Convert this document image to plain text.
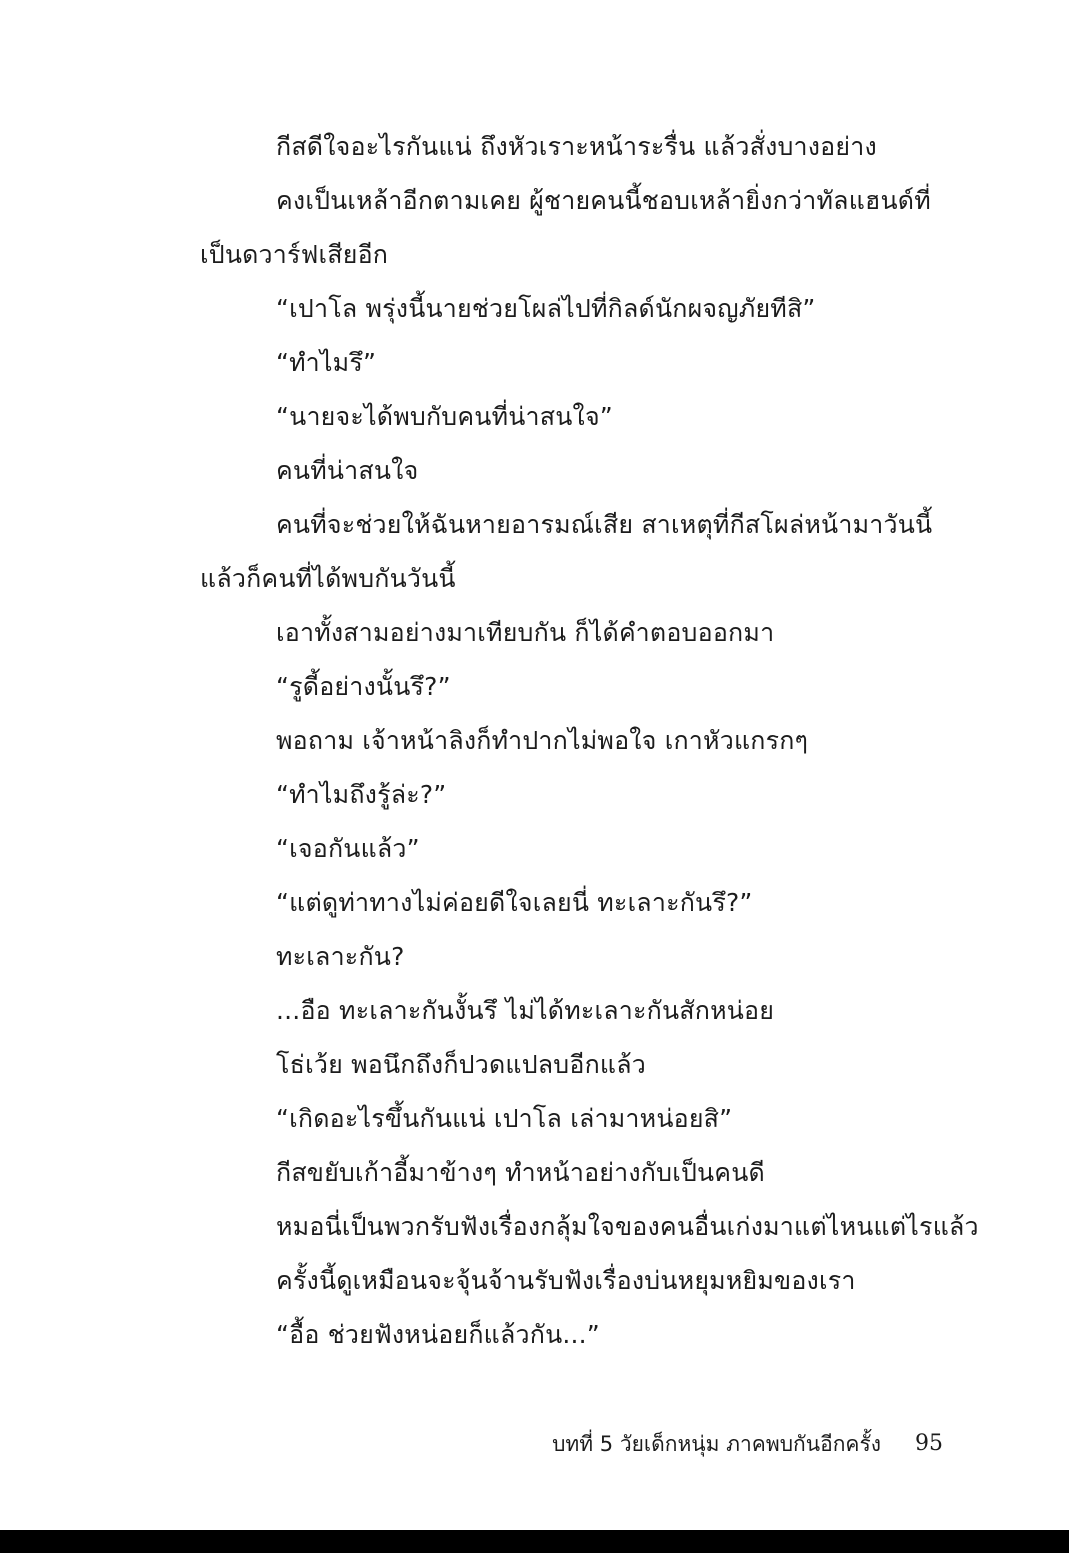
กีสดีใจอะไรกันแน่ ถึงหัวเราะหน้าระรื่น แล้วสั่งบางอย่าง
คงเป็นเหล้าอีกตามเคย ผู้ชายคนนี้ชอบเหล้ายิ่งกว่าทัลแฮนด์ที่
เป็นดวาร์ฟเสียอีก
“เปาโล พรุ่งนี้นายช่วยโผล่ไปที่กิลด์นักผจญภัยทีสิ”
“ทำไมรึ”
“นายจะได้พบกับคนที่น่าสนใจ”
คนที่น่าสนใจ
คนที่จะช่วยให้ฉันหายอารมณ์เสีย สาเหตุที่กีสโผล่หน้ามาวันนี้
แล้วก็คนที่ได้พบกันวันนี้
เอาทั้งสามอย่างมาเทียบกัน ก็ได้คำตอบออกมา
“รูดี้อย่างนั้นรึ?”
พอถาม เจ้าหน้าลิงก็ทำปากไม่พอใจ เกาหัวแกรกๆ
“ทำไมถึงรู้ล่ะ?”
“เจอกันแล้ว”
“แต่ดูท่าทางไม่ค่อยดีใจเลยนี่ ทะเลาะกันรึ?”
ทะเลาะกัน?
...อือ ทะเลาะกันงั้นรึ ไม่ได้ทะเลาะกันสักหน่อย
โธ่เว้ย พอนึกถึงก็ปวดแปลบอีกแล้ว
“เกิดอะไรขึ้นกันแน่ เปาโล เล่ามาหน่อยสิ”
กีสขยับเก้าอี้มาข้างๆ ทำหน้าอย่างกับเป็นคนดี
หมอนี่เป็นพวกรับฟังเรื่องกลุ้มใจของคนอื่นเก่งมาแต่ไหนแต่ไรแล้ว
ครั้งนี้ดูเหมือนจะจุ้นจ้านรับฟังเรื่องบ่นหยุมหยิมของเรา
“อื้อ ช่วยฟังหน่อยก็แล้วกัน...”
บทที่ 5 วัยเด็กหนุ่ม ภาคพบกันอีกครั้ง 95
